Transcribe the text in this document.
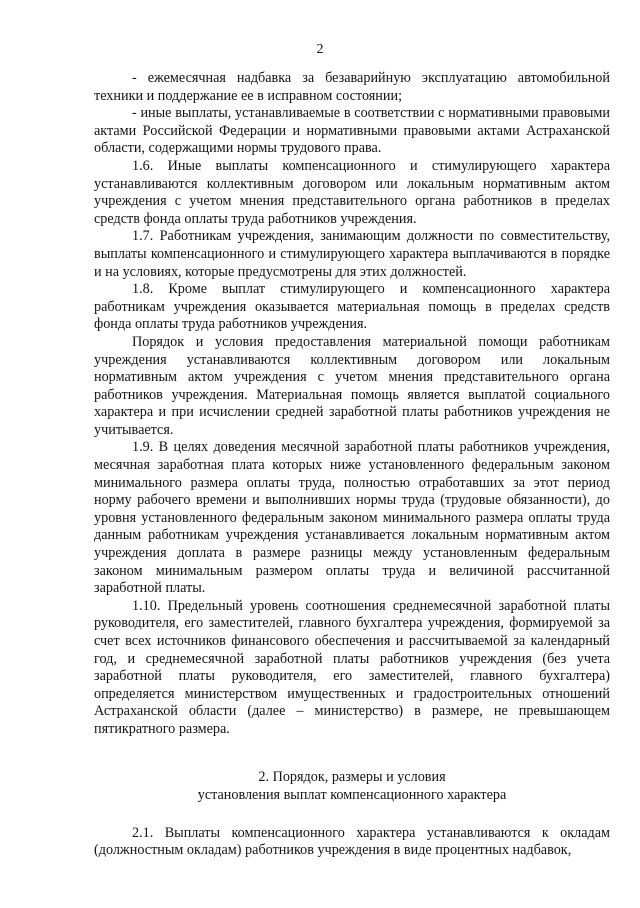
2

- ежемесячная надбавка за безаварийную эксплуатацию автомобильной техники и поддержание ее в исправном состоянии;

- иные выплаты, устанавливаемые в соответствии с нормативными правовыми актами Российской Федерации и нормативными правовыми актами Астраханской области, содержащими нормы трудового права.

1.6. Иные выплаты компенсационного и стимулирующего характера устанавливаются коллективным договором или локальным нормативным актом учреждения с учетом мнения представительного органа работников в пределах средств фонда оплаты труда работников учреждения.

1.7. Работникам учреждения, занимающим должности по совместительству, выплаты компенсационного и стимулирующего характера выплачиваются в порядке и на условиях, которые предусмотрены для этих должностей.

1.8. Кроме выплат стимулирующего и компенсационного характера работникам учреждения оказывается материальная помощь в пределах средств фонда оплаты труда работников учреждения.

Порядок и условия предоставления материальной помощи работникам учреждения устанавливаются коллективным договором или локальным нормативным актом учреждения с учетом мнения представительного органа работников учреждения. Материальная помощь является выплатой социального характера и при исчислении средней заработной платы работников учреждения не учитывается.

1.9. В целях доведения месячной заработной платы работников учреждения, месячная заработная плата которых ниже установленного федеральным законом минимального размера оплаты труда, полностью отработавших за этот период норму рабочего времени и выполнивших нормы труда (трудовые обязанности), до уровня установленного федеральным законом минимального размера оплаты труда данным работникам учреждения устанавливается локальным нормативным актом учреждения доплата в размере разницы между установленным федеральным законом минимальным размером оплаты труда и величиной рассчитанной заработной платы.

1.10. Предельный уровень соотношения среднемесячной заработной платы руководителя, его заместителей, главного бухгалтера учреждения, формируемой за счет всех источников финансового обеспечения и рассчитываемой за календарный год, и среднемесячной заработной платы работников учреждения (без учета заработной платы руководителя, его заместителей, главного бухгалтера) определяется министерством имущественных и градостроительных отношений Астраханской области (далее – министерство) в размере, не превышающем пятикратного размера.

2. Порядок, размеры и условия
установления выплат компенсационного характера

2.1. Выплаты компенсационного характера устанавливаются к окладам (должностным окладам) работников учреждения в виде процентных надбавок,
